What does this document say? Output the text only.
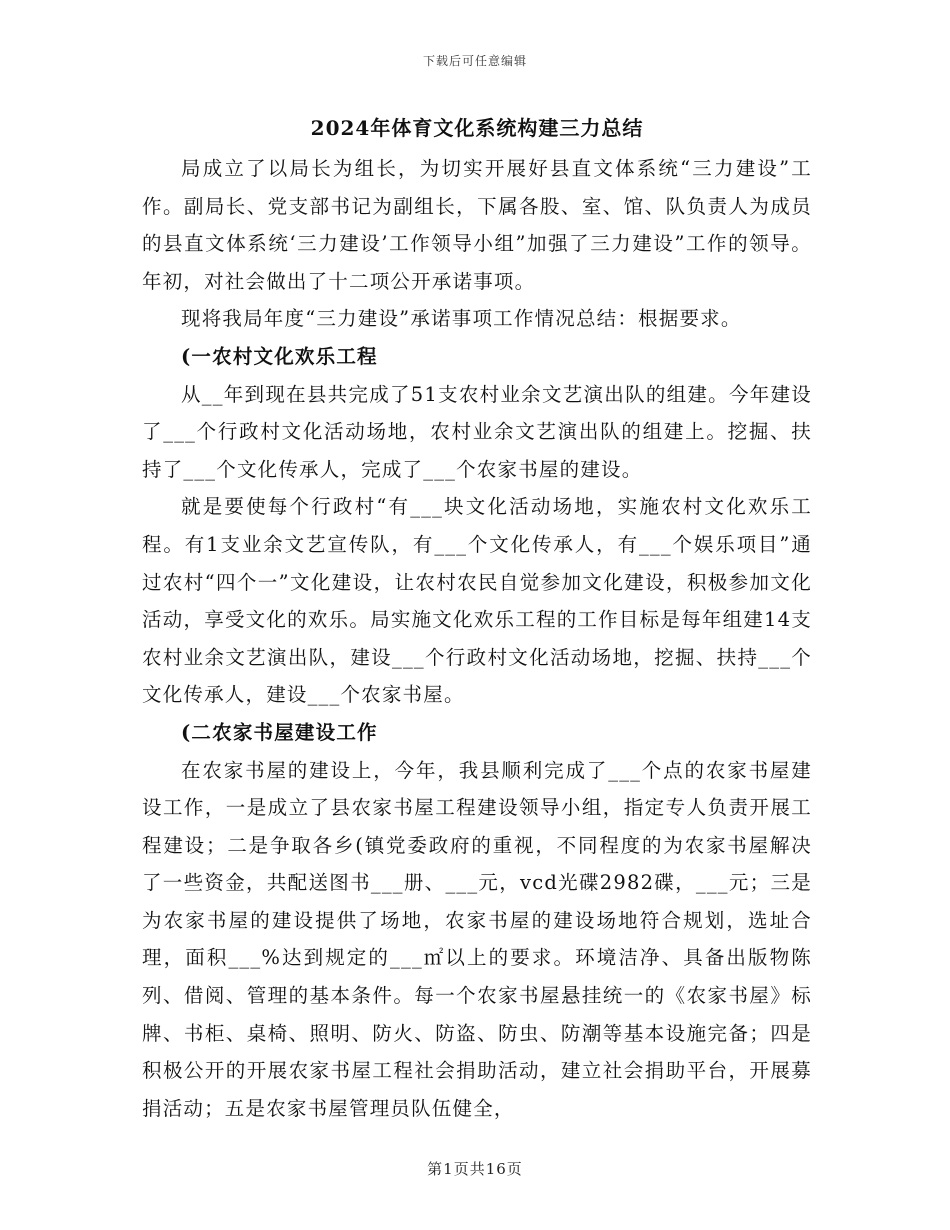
下载后可任意编辑
2024年体育文化系统构建三力总结

局成立了以局长为组长，为切实开展好县直文体系统“三力建设”工作。副局长、党支部书记为副组长，下属各股、室、馆、队负责人为成员的县直文体系统‘三力建设’工作领导小组”加强了三力建设”工作的领导。年初，对社会做出了十二项公开承诺事项。

现将我局年度“三力建设”承诺事项工作情况总结：根据要求。

(一农村文化欢乐工程

从__年到现在县共完成了51支农村业余文艺演出队的组建。今年建设了___个行政村文化活动场地，农村业余文艺演出队的组建上。挖掘、扶持了___个文化传承人，完成了___个农家书屋的建设。

就是要使每个行政村“有___块文化活动场地，实施农村文化欢乐工程。有1支业余文艺宣传队，有___个文化传承人，有___个娱乐项目”通过农村“四个一”文化建设，让农村农民自觉参加文化建设，积极参加文化活动，享受文化的欢乐。局实施文化欢乐工程的工作目标是每年组建14支农村业余文艺演出队，建设___个行政村文化活动场地，挖掘、扶持___个文化传承人，建设___个农家书屋。

(二农家书屋建设工作

在农家书屋的建设上，今年，我县顺利完成了___个点的农家书屋建设工作，一是成立了县农家书屋工程建设领导小组，指定专人负责开展工程建设；二是争取各乡(镇党委政府的重视，不同程度的为农家书屋解决了一些资金，共配送图书___册、___元，vcd光碟2982碟，___元；三是为农家书屋的建设提供了场地，农家书屋的建设场地符合规划，选址合理，面积___%达到规定的___㎡以上的要求。环境洁净、具备出版物陈列、借阅、管理的基本条件。每一个农家书屋悬挂统一的《农家书屋》标牌、书柜、桌椅、照明、防火、防盗、防虫、防潮等基本设施完备；四是积极公开的开展农家书屋工程社会捐助活动，建立社会捐助平台，开展募捐活动；五是农家书屋管理员队伍健全，

第1页共16页
